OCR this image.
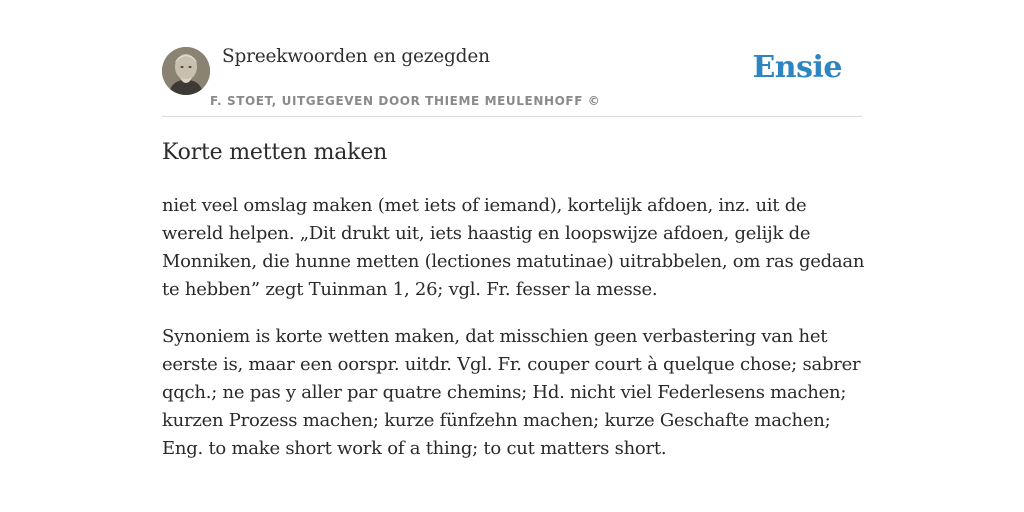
Spreekwoorden en gezegden
F. STOET, UITGEGEVEN DOOR THIEME MEULENHOFF ©
Ensie
Korte metten maken

niet veel omslag maken (met iets of iemand), kortelijk afdoen, inz. uit de wereld helpen. „Dit drukt uit, iets haastig en loopswijze afdoen, gelijk de Monniken, die hunne metten (lectiones matutinae) uitrabbelen, om ras gedaan te hebben” zegt Tuinman 1, 26; vgl. Fr. fesser la messe.

Synoniem is korte wetten maken, dat misschien geen verbastering van het eerste is, maar een oorspr. uitdr. Vgl. Fr. couper court à quelque chose; sabrer qqch.; ne pas y aller par quatre chemins; Hd. nicht viel Federlesens machen; kurzen Prozess machen; kurze fünfzehn machen; kurze Geschafte machen; Eng. to make short work of a thing; to cut matters short.
